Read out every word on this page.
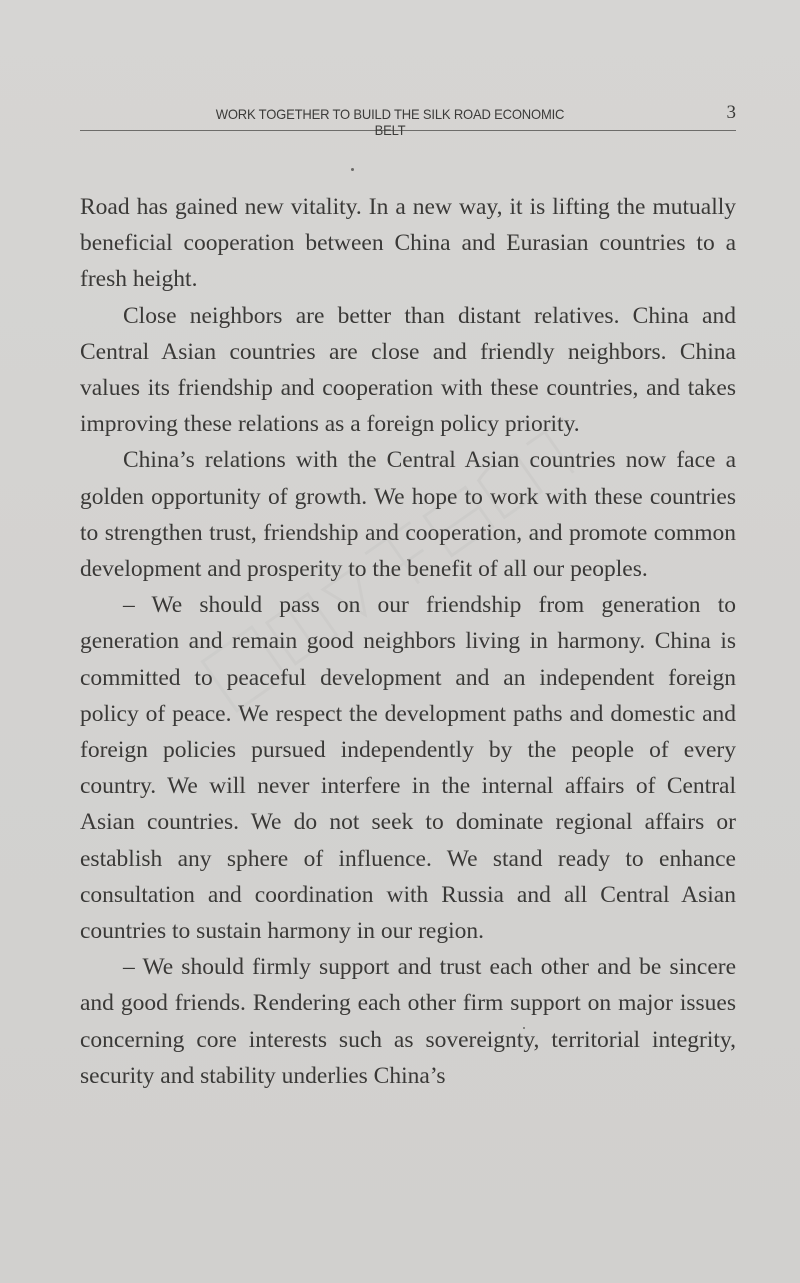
WORK TOGETHER TO BUILD THE SILK ROAD ECONOMIC BELT
3

Road has gained new vitality. In a new way, it is lifting the mutually beneficial cooperation between China and Eurasian countries to a fresh height.

Close neighbors are better than distant relatives. China and Central Asian countries are close and friendly neighbors. China values its friendship and cooperation with these countries, and takes improving these relations as a foreign policy priority.

China’s relations with the Central Asian countries now face a golden opportunity of growth. We hope to work with these countries to strengthen trust, friendship and cooperation, and promote common development and prosperity to the benefit of all our peoples.

– We should pass on our friendship from generation to generation and remain good neighbors living in harmony. China is committed to peaceful development and an independent foreign policy of peace. We respect the development paths and domestic and foreign policies pursued independently by the people of every country. We will never interfere in the internal affairs of Central Asian countries. We do not seek to dominate regional affairs or establish any sphere of influence. We stand ready to enhance consultation and coordination with Russia and all Central Asian countries to sustain harmony in our region.

– We should firmly support and trust each other and be sincere and good friends. Rendering each other firm support on major issues concerning core interests such as sovereignty, territorial integrity, security and stability underlies China’s
